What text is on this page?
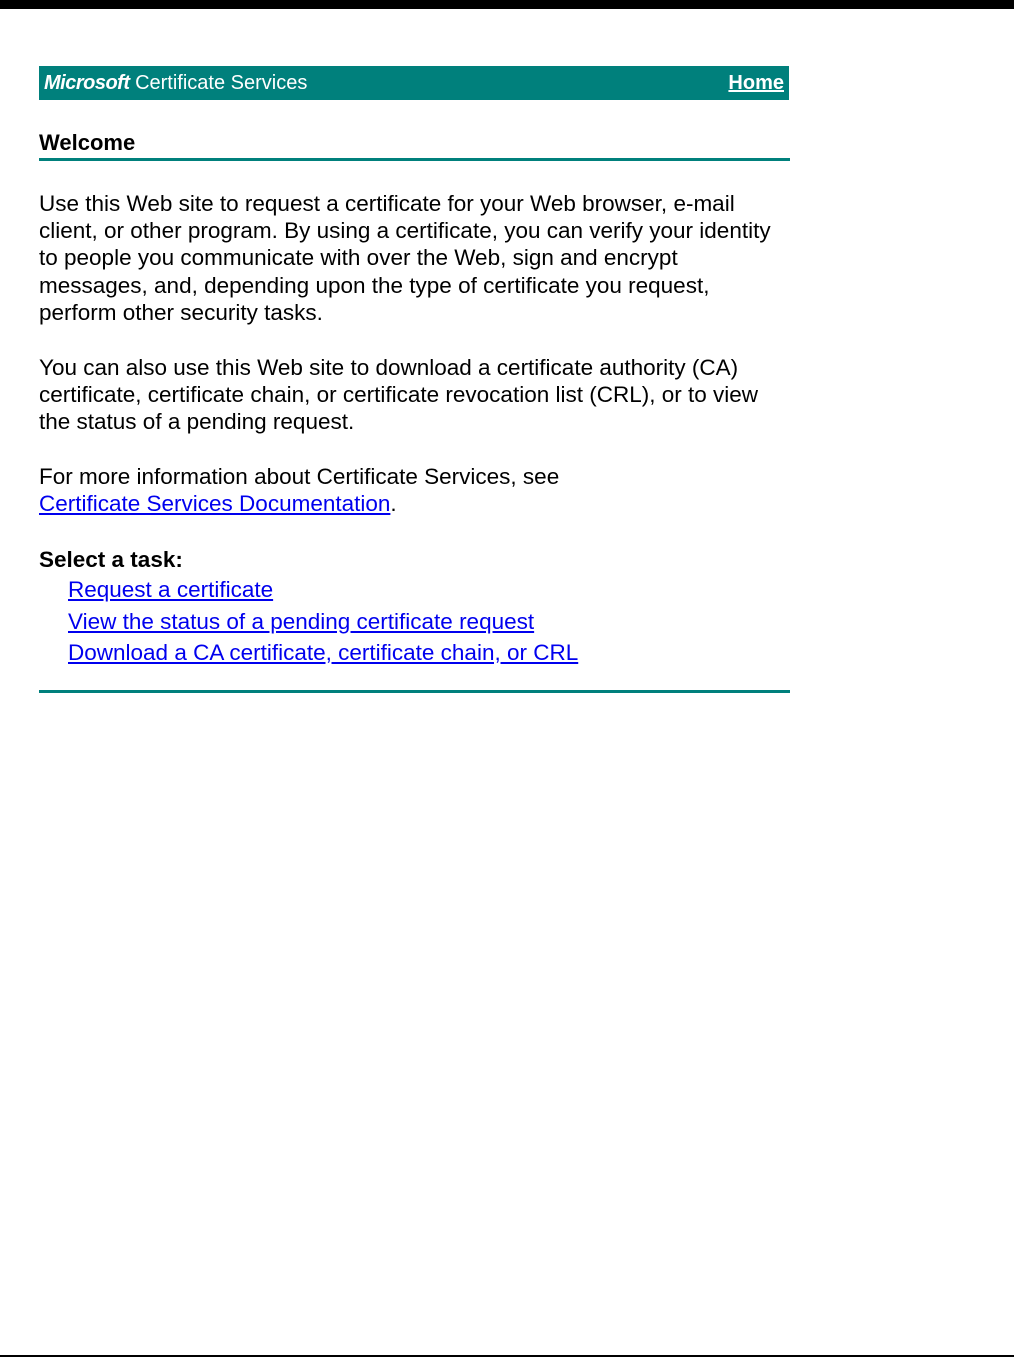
Microsoft Certificate Services	Home
Welcome

Use this Web site to request a certificate for your Web browser, e-mail client, or other program. By using a certificate, you can verify your identity to people you communicate with over the Web, sign and encrypt messages, and, depending upon the type of certificate you request, perform other security tasks.

You can also use this Web site to download a certificate authority (CA) certificate, certificate chain, or certificate revocation list (CRL), or to view the status of a pending request.

For more information about Certificate Services, see
Certificate Services Documentation.

Select a task:

Request a certificate
View the status of a pending certificate request
Download a CA certificate, certificate chain, or CRL
